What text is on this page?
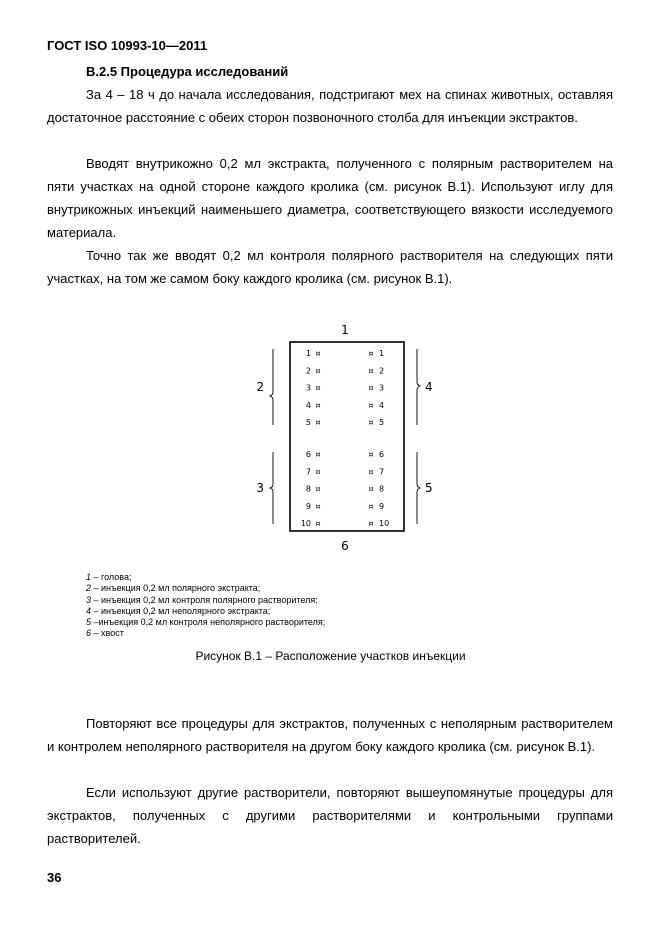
ГОСТ ISO 10993-10—2011
B.2.5 Процедура исследований

За 4 – 18 ч до начала исследования, подстригают мех на спинах животных, оставляя достаточное расстояние с обеих сторон позвоночного столба для инъекции экстрактов.

Вводят внутрикожно 0,2 мл экстракта, полученного с полярным растворителем на пяти участках на одной стороне каждого кролика (см. рисунок В.1). Используют иглу для внутрикожных инъекций наименьшего диаметра, соответствующего вязкости исследуемого материала.

Точно так же вводят 0,2 мл контроля полярного растворителя на следующих пяти участках, на том же самом боку каждого кролика (см. рисунок В.1).

1
6
2
3
4
5
1 ¤	¤ 1
2 ¤	¤ 2
3 ¤	¤ 3
4 ¤	¤ 4
5 ¤	¤ 5
6 ¤	¤ 6
7 ¤	¤ 7
8 ¤	¤ 8
9 ¤	¤ 9
10 ¤	¤ 10
1 – голова;
2 – инъекция 0,2 мл полярного экстракта;
3 – инъекция 0,2 мл контроля полярного растворителя;
4 – инъекция 0,2 мл неполярного экстракта;
5 –инъекция 0,2 мл контроля неполярного растворителя;
6 – хвост
Рисунок В.1 – Расположение участков инъекции

Повторяют все процедуры для экстрактов, полученных с неполярным растворителем и контролем неполярного растворителя на другом боку каждого кролика (см. рисунок В.1).

Если используют другие растворители, повторяют вышеупомянутые процедуры для экстрактов, полученных с другими растворителями и контрольными группами растворителей.

36
